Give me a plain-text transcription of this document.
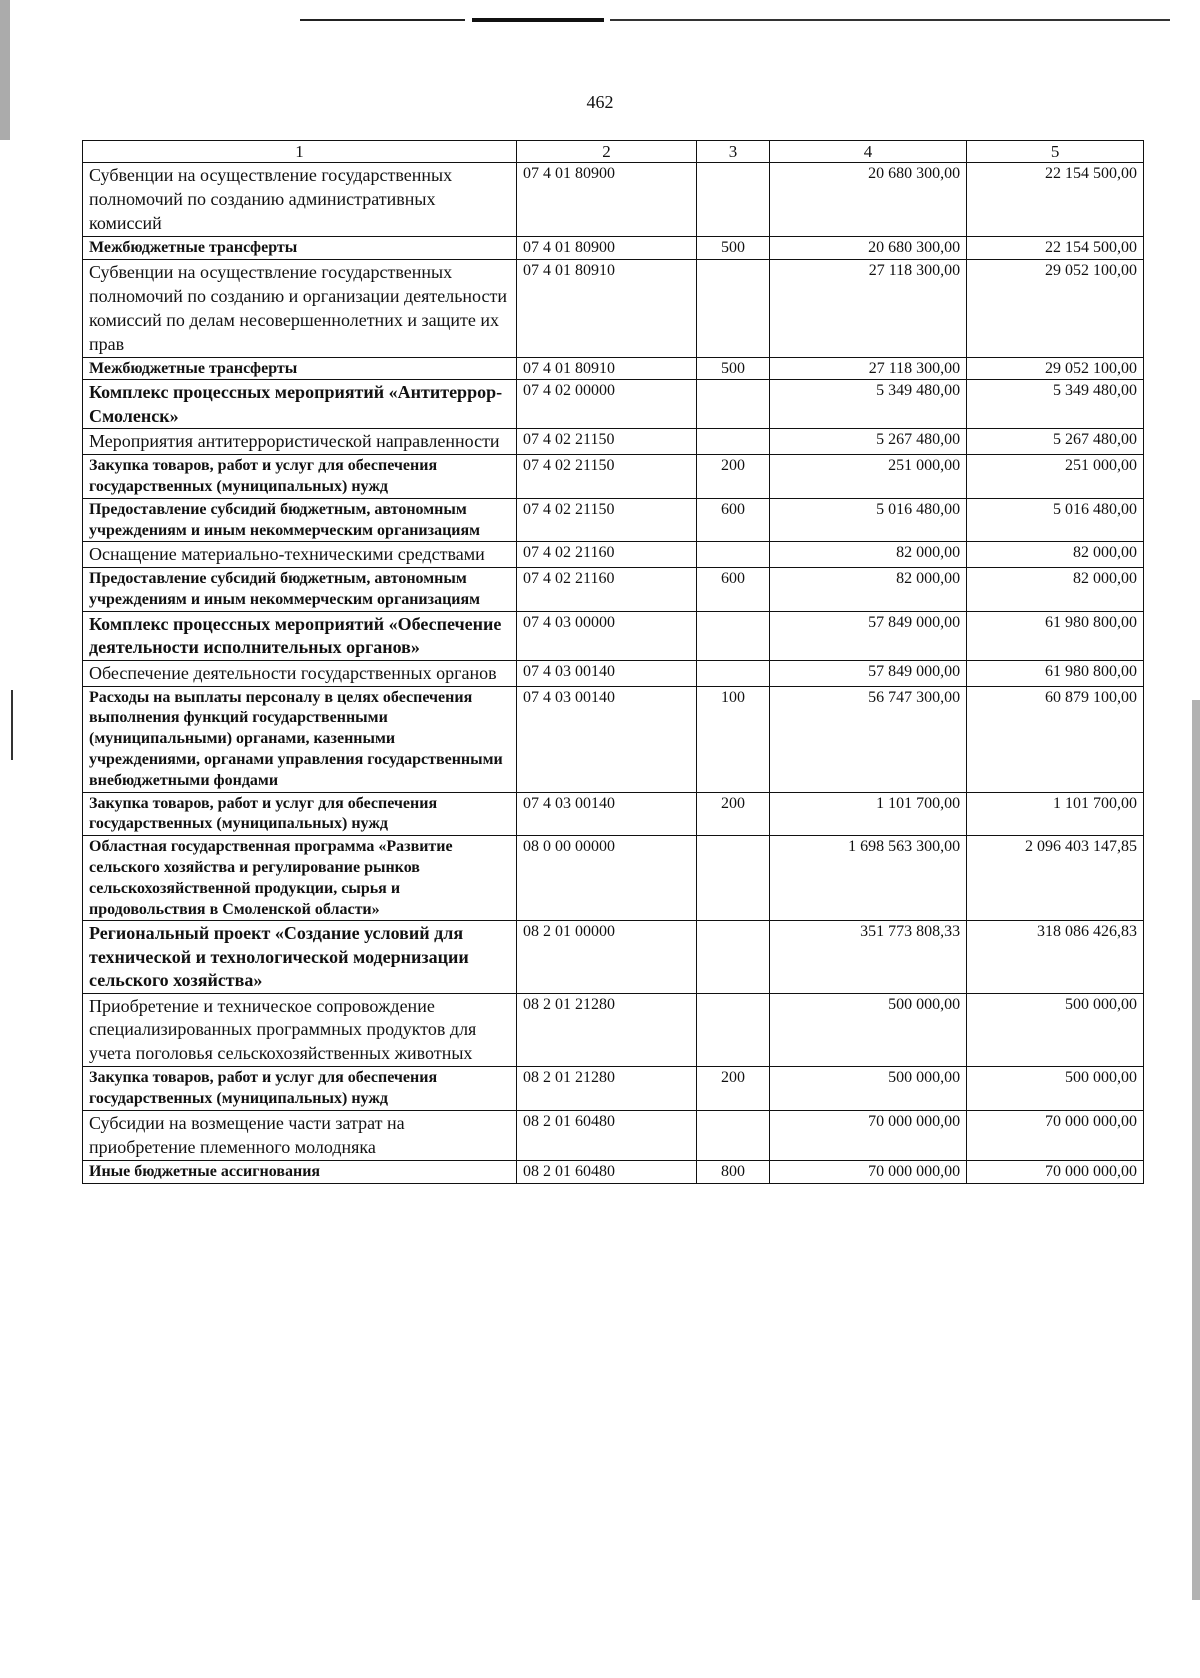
462
1	2	3	4	5
Субвенции на осуществление государственных полномочий по созданию административных комиссий	07 4 01 80900		20 680 300,00	22 154 500,00
Межбюджетные трансферты	07 4 01 80900	500	20 680 300,00	22 154 500,00
Субвенции на осуществление государственных полномочий по созданию и организации деятельности комиссий по делам несовершеннолетних и защите их прав	07 4 01 80910		27 118 300,00	29 052 100,00
Межбюджетные трансферты	07 4 01 80910	500	27 118 300,00	29 052 100,00
Комплекс процессных мероприятий «Антитеррор-Смоленск»	07 4 02 00000		5 349 480,00	5 349 480,00
Мероприятия антитеррористической направленности	07 4 02 21150		5 267 480,00	5 267 480,00
Закупка товаров, работ и услуг для обеспечения государственных (муниципальных) нужд	07 4 02 21150	200	251 000,00	251 000,00
Предоставление субсидий бюджетным, автономным учреждениям и иным некоммерческим организациям	07 4 02 21150	600	5 016 480,00	5 016 480,00
Оснащение материально-техническими средствами	07 4 02 21160		82 000,00	82 000,00
Предоставление субсидий бюджетным, автономным учреждениям и иным некоммерческим организациям	07 4 02 21160	600	82 000,00	82 000,00
Комплекс процессных мероприятий «Обеспечение деятельности исполнительных органов»	07 4 03 00000		57 849 000,00	61 980 800,00
Обеспечение деятельности государственных органов	07 4 03 00140		57 849 000,00	61 980 800,00
Расходы на выплаты персоналу в целях обеспечения выполнения функций государственными (муниципальными) органами, казенными учреждениями, органами управления государственными внебюджетными фондами	07 4 03 00140	100	56 747 300,00	60 879 100,00
Закупка товаров, работ и услуг для обеспечения государственных (муниципальных) нужд	07 4 03 00140	200	1 101 700,00	1 101 700,00
Областная государственная программа «Развитие сельского хозяйства и регулирование рынков сельскохозяйственной продукции, сырья и продовольствия в Смоленской области»	08 0 00 00000		1 698 563 300,00	2 096 403 147,85
Региональный проект «Создание условий для технической и технологической модернизации сельского хозяйства»	08 2 01 00000		351 773 808,33	318 086 426,83
Приобретение и техническое сопровождение специализированных программных продуктов для учета поголовья сельскохозяйственных животных	08 2 01 21280		500 000,00	500 000,00
Закупка товаров, работ и услуг для обеспечения государственных (муниципальных) нужд	08 2 01 21280	200	500 000,00	500 000,00
Субсидии на возмещение части затрат на приобретение племенного молодняка	08 2 01 60480		70 000 000,00	70 000 000,00
Иные бюджетные ассигнования	08 2 01 60480	800	70 000 000,00	70 000 000,00
